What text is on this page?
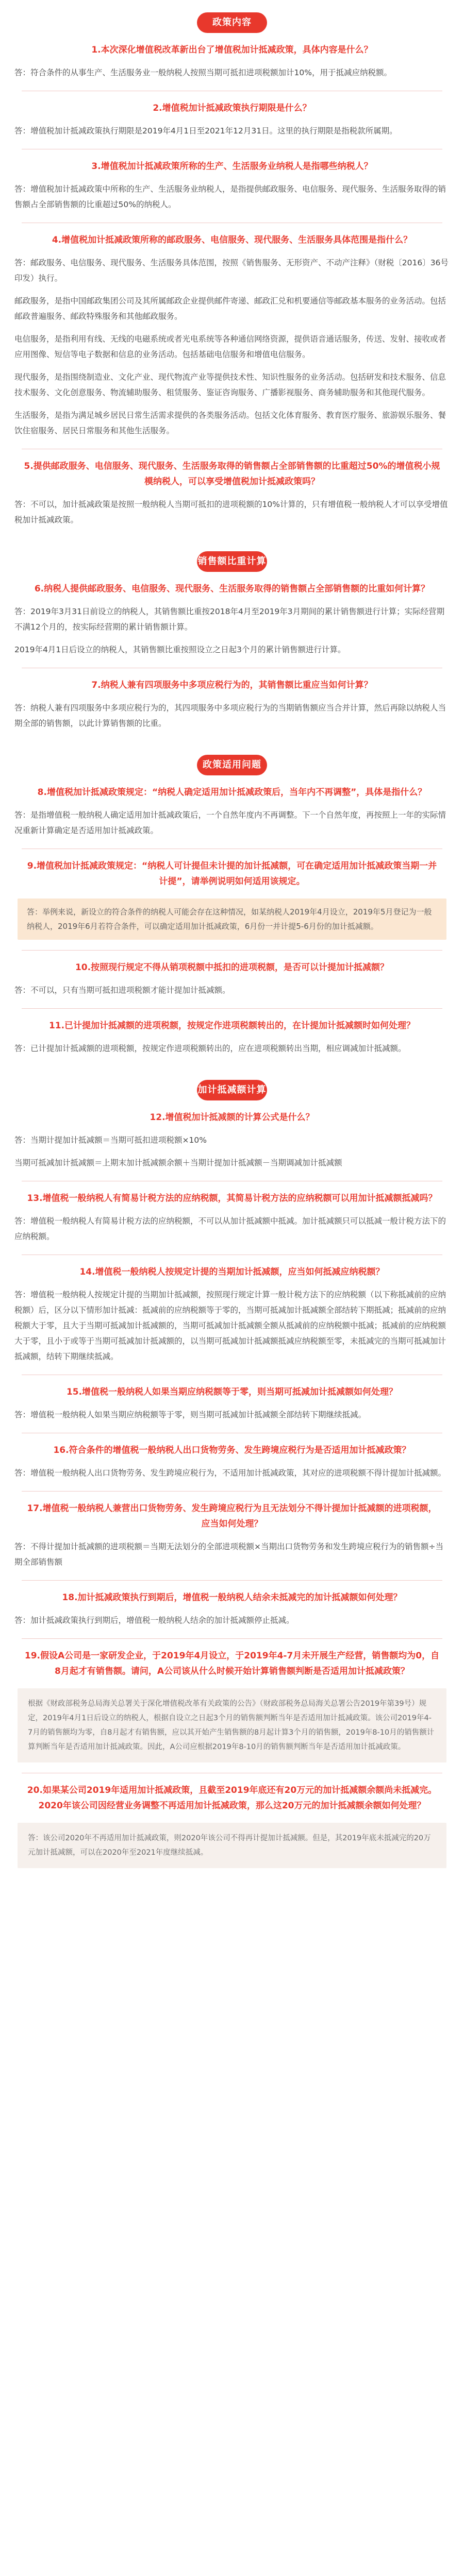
政策内容

1.本次深化增值税改革新出台了增值税加计抵减政策，具体内容是什么？

答：符合条件的从事生产、生活服务业一般纳税人按照当期可抵扣进项税额加计10%，用于抵减应纳税额。

2.增值税加计抵减政策执行期限是什么？

答：增值税加计抵减政策执行期限是2019年4月1日至2021年12月31日。这里的执行期限是指税款所属期。

3.增值税加计抵减政策所称的生产、生活服务业纳税人是指哪些纳税人？

答：增值税加计抵减政策中所称的生产、生活服务业纳税人，是指提供邮政服务、电信服务、现代服务、生活服务取得的销售额占全部销售额的比重超过50%的纳税人。

4.增值税加计抵减政策所称的邮政服务、电信服务、现代服务、生活服务具体范围是指什么？

答：邮政服务、电信服务、现代服务、生活服务具体范围，按照《销售服务、无形资产、不动产注释》（财税〔2016〕36号印发）执行。

邮政服务，是指中国邮政集团公司及其所属邮政企业提供邮件寄递、邮政汇兑和机要通信等邮政基本服务的业务活动。包括邮政普遍服务、邮政特殊服务和其他邮政服务。

电信服务，是指利用有线、无线的电磁系统或者光电系统等各种通信网络资源，提供语音通话服务，传送、发射、接收或者应用图像、短信等电子数据和信息的业务活动。包括基础电信服务和增值电信服务。

现代服务，是指围绕制造业、文化产业、现代物流产业等提供技术性、知识性服务的业务活动。包括研发和技术服务、信息技术服务、文化创意服务、物流辅助服务、租赁服务、鉴证咨询服务、广播影视服务、商务辅助服务和其他现代服务。

生活服务，是指为满足城乡居民日常生活需求提供的各类服务活动。包括文化体育服务、教育医疗服务、旅游娱乐服务、餐饮住宿服务、居民日常服务和其他生活服务。

5.提供邮政服务、电信服务、现代服务、生活服务取得的销售额占全部销售额的比重超过50%的增值税小规模纳税人，可以享受增值税加计抵减政策吗？

答：不可以，加计抵减政策是按照一般纳税人当期可抵扣的进项税额的10%计算的，只有增值税一般纳税人才可以享受增值税加计抵减政策。

销售额比重计算

6.纳税人提供邮政服务、电信服务、现代服务、生活服务取得的销售额占全部销售额的比重如何计算？

答：2019年3月31日前设立的纳税人，其销售额比重按2018年4月至2019年3月期间的累计销售额进行计算；实际经营期不满12个月的，按实际经营期的累计销售额计算。

2019年4月1日后设立的纳税人，其销售额比重按照设立之日起3个月的累计销售额进行计算。

7.纳税人兼有四项服务中多项应税行为的，其销售额比重应当如何计算？

答：纳税人兼有四项服务中多项应税行为的，其四项服务中多项应税行为的当期销售额应当合并计算，然后再除以纳税人当期全部的销售额，以此计算销售额的比重。

政策适用问题

8.增值税加计抵减政策规定：“纳税人确定适用加计抵减政策后，当年内不再调整”，具体是指什么？

答：是指增值税一般纳税人确定适用加计抵减政策后，一个自然年度内不再调整。下一个自然年度，再按照上一年的实际情况重新计算确定是否适用加计抵减政策。

9.增值税加计抵减政策规定：“纳税人可计提但未计提的加计抵减额，可在确定适用加计抵减政策当期一并计提”，请举例说明如何适用该规定。

答：举例来说，新设立的符合条件的纳税人可能会存在这种情况，如某纳税人2019年4月设立，2019年5月登记为一般纳税人，2019年6月若符合条件，可以确定适用加计抵减政策，6月份一并计提5-6月份的加计抵减额。

10.按照现行规定不得从销项税额中抵扣的进项税额，是否可以计提加计抵减额？

答：不可以，只有当期可抵扣进项税额才能计提加计抵减额。

11.已计提加计抵减额的进项税额，按规定作进项税额转出的，在计提加计抵减额时如何处理？

答：已计提加计抵减额的进项税额，按规定作进项税额转出的，应在进项税额转出当期，相应调减加计抵减额。

加计抵减额计算

12.增值税加计抵减额的计算公式是什么？

答：当期计提加计抵减额＝当期可抵扣进项税额×10%

当期可抵减加计抵减额＝上期末加计抵减额余额＋当期计提加计抵减额－当期调减加计抵减额

13.增值税一般纳税人有简易计税方法的应纳税额，其简易计税方法的应纳税额可以用加计抵减额抵减吗？

答：增值税一般纳税人有简易计税方法的应纳税额，不可以从加计抵减额中抵减。加计抵减额只可以抵减一般计税方法下的应纳税额。

14.增值税一般纳税人按规定计提的当期加计抵减额，应当如何抵减应纳税额？

答：增值税一般纳税人按规定计提的当期加计抵减额，按照现行规定计算一般计税方法下的应纳税额（以下称抵减前的应纳税额）后，区分以下情形加计抵减：抵减前的应纳税额等于零的，当期可抵减加计抵减额全部结转下期抵减；抵减前的应纳税额大于零，且大于当期可抵减加计抵减额的，当期可抵减加计抵减额全额从抵减前的应纳税额中抵减；抵减前的应纳税额大于零，且小于或等于当期可抵减加计抵减额的，以当期可抵减加计抵减额抵减应纳税额至零，未抵减完的当期可抵减加计抵减额，结转下期继续抵减。

15.增值税一般纳税人如果当期应纳税额等于零，则当期可抵减加计抵减额如何处理？

答：增值税一般纳税人如果当期应纳税额等于零，则当期可抵减加计抵减额全部结转下期继续抵减。

16.符合条件的增值税一般纳税人出口货物劳务、发生跨境应税行为是否适用加计抵减政策？

答：增值税一般纳税人出口货物劳务、发生跨境应税行为，不适用加计抵减政策，其对应的进项税额不得计提加计抵减额。

17.增值税一般纳税人兼营出口货物劳务、发生跨境应税行为且无法划分不得计提加计抵减额的进项税额，应当如何处理？

答：不得计提加计抵减额的进项税额＝当期无法划分的全部进项税额×当期出口货物劳务和发生跨境应税行为的销售额÷当期全部销售额

18.加计抵减政策执行到期后，增值税一般纳税人结余未抵减完的加计抵减额如何处理？

答：加计抵减政策执行到期后，增值税一般纳税人结余的加计抵减额停止抵减。

19.假设A公司是一家研发企业，于2019年4月设立，于2019年4-7月未开展生产经营，销售额均为0，自8月起才有销售额。请问，A公司该从什么时候开始计算销售额判断是否适用加计抵减政策？

根据《财政部税务总局海关总署关于深化增值税改革有关政策的公告》（财政部税务总局海关总署公告2019年第39号）规定，2019年4月1日后设立的纳税人，根据自设立之日起3个月的销售额判断当年是否适用加计抵减政策。该公司2019年4-7月的销售额均为零，自8月起才有销售额，应以其开始产生销售额的8月起计算3个月的销售额，2019年8-10月的销售额计算判断当年是否适用加计抵减政策。因此，A公司应根据2019年8-10月的销售额判断当年是否适用加计抵减政策。

20.如果某公司2019年适用加计抵减政策，且截至2019年底还有20万元的加计抵减额余额尚未抵减完。2020年该公司因经营业务调整不再适用加计抵减政策，那么这20万元的加计抵减额余额如何处理？

答：该公司2020年不再适用加计抵减政策，则2020年该公司不得再计提加计抵减额。但是，其2019年底未抵减完的20万元加计抵减额，可以在2020年至2021年度继续抵减。
